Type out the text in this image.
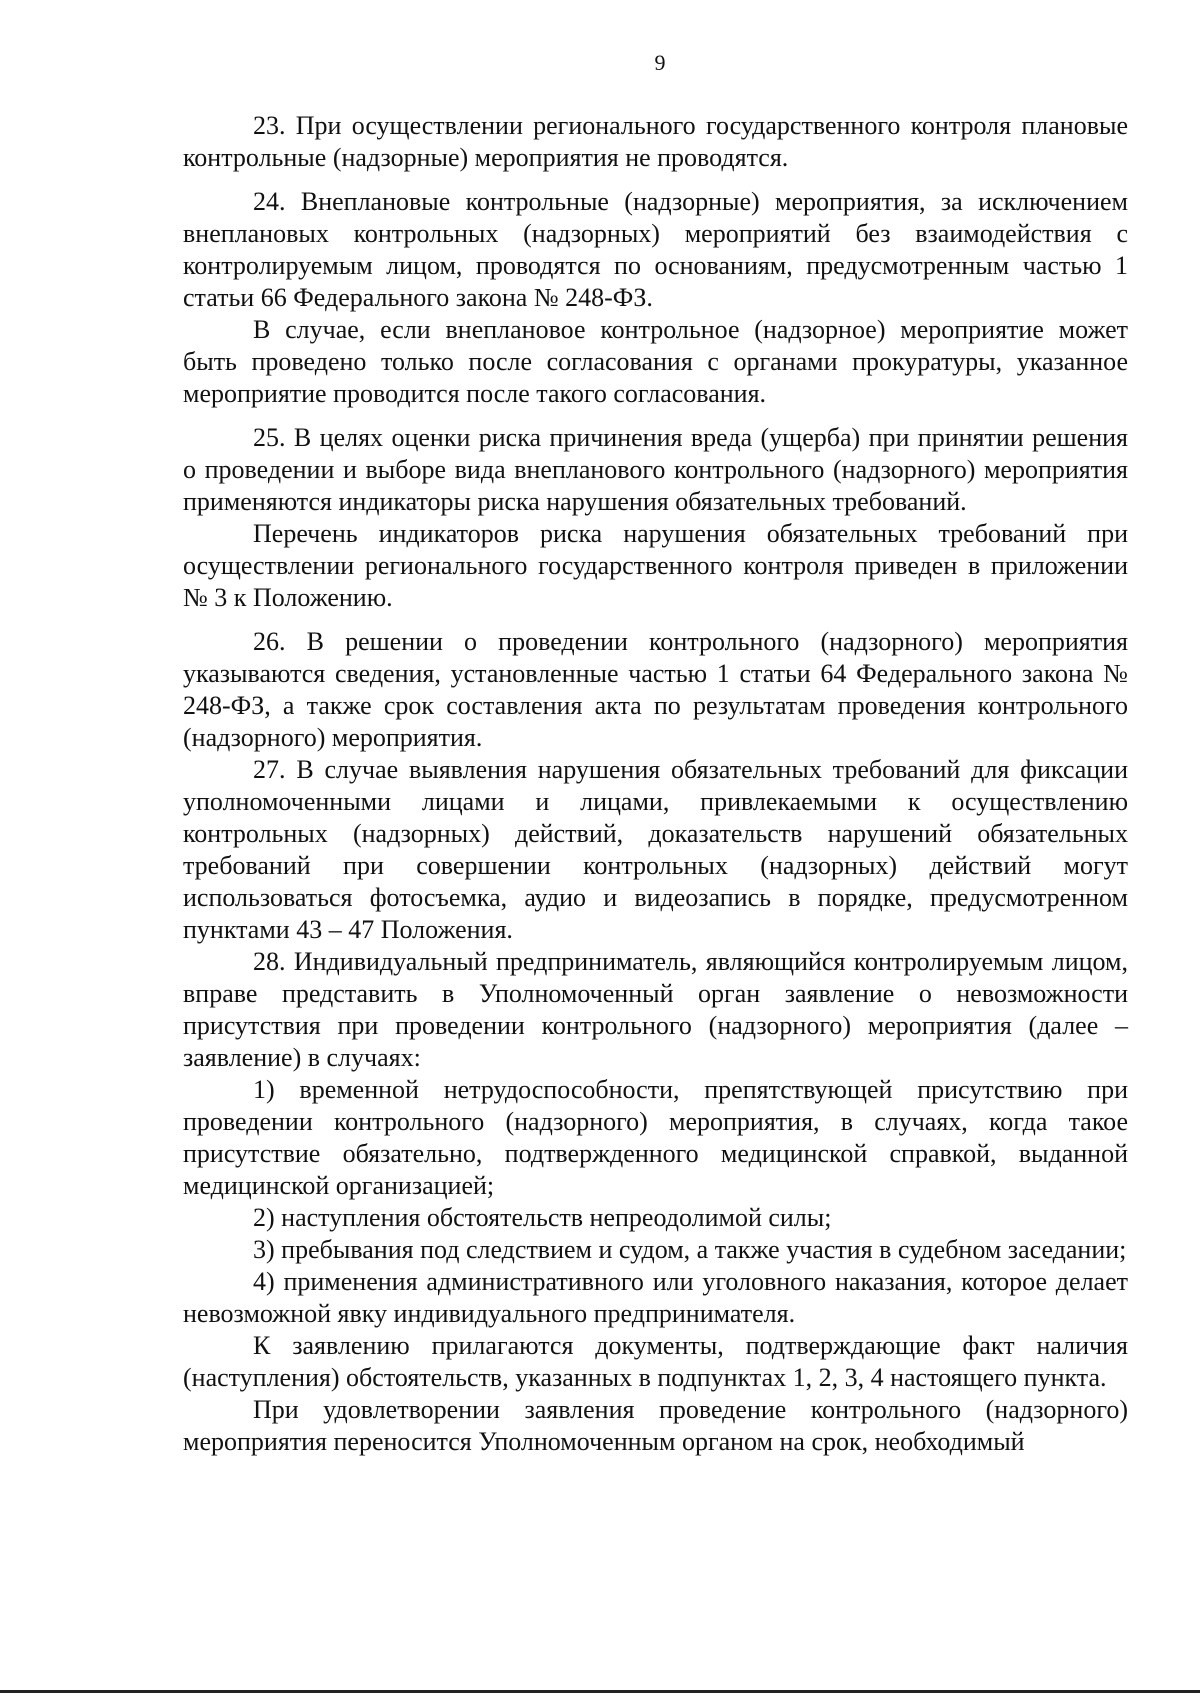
9

23. При осуществлении регионального государственного контроля плановые контрольные (надзорные) мероприятия не проводятся.

24. Внеплановые контрольные (надзорные) мероприятия, за исключением внеплановых контрольных (надзорных) мероприятий без взаимодействия с контролируемым лицом, проводятся по основаниям, предусмотренным частью 1 статьи 66 Федерального закона № 248-ФЗ.

В случае, если внеплановое контрольное (надзорное) мероприятие может быть проведено только после согласования с органами прокуратуры, указанное мероприятие проводится после такого согласования.

25. В целях оценки риска причинения вреда (ущерба) при принятии решения о проведении и выборе вида внепланового контрольного (надзорного) мероприятия применяются индикаторы риска нарушения обязательных требований.

Перечень индикаторов риска нарушения обязательных требований при осуществлении регионального государственного контроля приведен в приложении № 3 к Положению.

26. В решении о проведении контрольного (надзорного) мероприятия указываются сведения, установленные частью 1 статьи 64 Федерального закона № 248-ФЗ, а также срок составления акта по результатам проведения контрольного (надзорного) мероприятия.

27. В случае выявления нарушения обязательных требований для фиксации уполномоченными лицами и лицами, привлекаемыми к осуществлению контрольных (надзорных) действий, доказательств нарушений обязательных требований при совершении контрольных (надзорных) действий могут использоваться фотосъемка, аудио и видеозапись в порядке, предусмотренном пунктами 43 – 47 Положения.

28. Индивидуальный предприниматель, являющийся контролируемым лицом, вправе представить в Уполномоченный орган заявление о невозможности присутствия при проведении контрольного (надзорного) мероприятия (далее – заявление) в случаях:

1) временной нетрудоспособности, препятствующей присутствию при проведении контрольного (надзорного) мероприятия, в случаях, когда такое присутствие обязательно, подтвержденного медицинской справкой, выданной медицинской организацией;

2) наступления обстоятельств непреодолимой силы;

3) пребывания под следствием и судом, а также участия в судебном заседании;

4) применения административного или уголовного наказания, которое делает невозможной явку индивидуального предпринимателя.

К заявлению прилагаются документы, подтверждающие факт наличия (наступления) обстоятельств, указанных в подпунктах 1, 2, 3, 4 настоящего пункта.

При удовлетворении заявления проведение контрольного (надзорного) мероприятия переносится Уполномоченным органом на срок, необходимый
